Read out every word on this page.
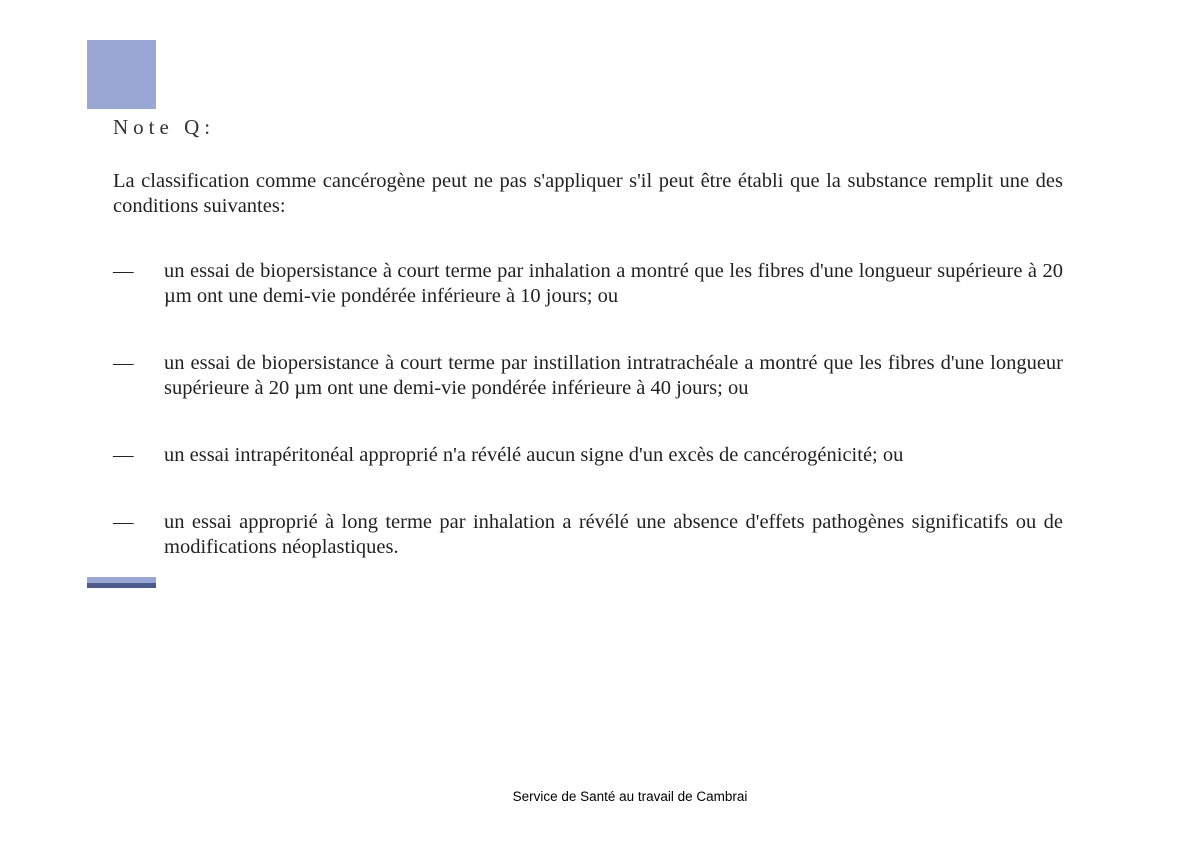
Note Q:

La classification comme cancérogène peut ne pas s'appliquer s'il peut être établi que la substance remplit une des conditions suivantes:

—	un essai de biopersistance à court terme par inhalation a montré que les fibres d'une longueur supérieure à 20 µm ont une demi-vie pondérée inférieure à 10 jours; ou
—	un essai de biopersistance à court terme par instillation intratrachéale a montré que les fibres d'une longueur supérieure à 20 µm ont une demi-vie pondérée inférieure à 40 jours; ou
—	un essai intrapéritonéal approprié n'a révélé aucun signe d'un excès de cancérogénicité; ou
—	un essai approprié à long terme par inhalation a révélé une absence d'effets pathogènes significatifs ou de modifications néoplastiques.
Service de Santé au travail de Cambrai
